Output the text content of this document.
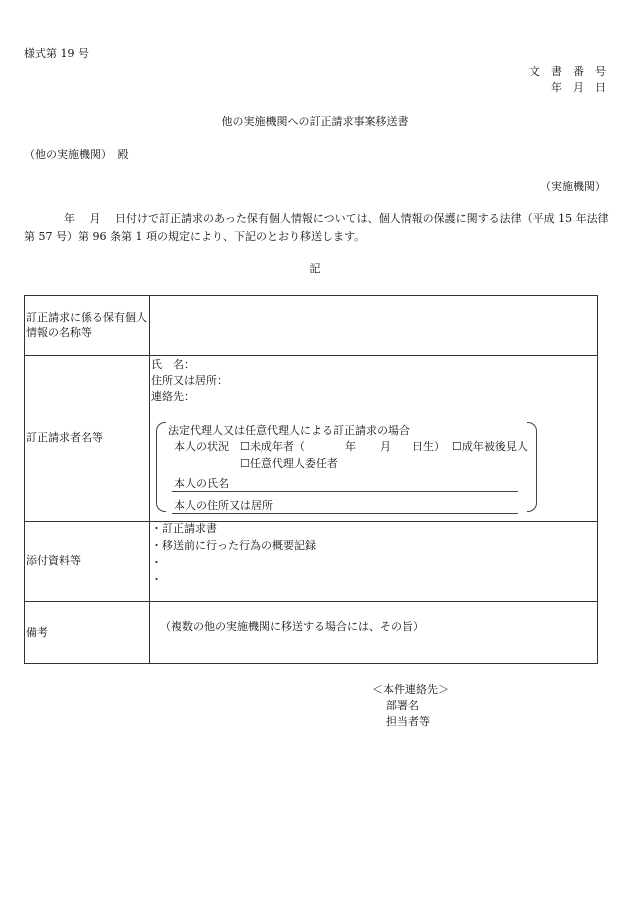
様式第 19 号
文　書　番　号
年　月　日
他の実施機関への訂正請求事案移送書
（他の実施機関）　殿
（実施機関）
年　 月　 日付けで訂正請求のあった保有個人情報については、個人情報の保護に関する法律（平成 15 年法律
第 57 号）第 96 条第 1 項の規定により、下記のとおり移送します。
記
訂正請求に係る保有個人
情報の名称等
訂正請求者名等
氏　名：
住所又は居所：
連絡先：
法定代理人又は任意代理人による訂正請求の場合
本人の状況 ☐未成年者（	年 月 日生） ☐成年被後見人
☐任意代理人委任者
本人の氏名
本人の住所又は居所
添付資料等
・訂正請求書
・移送前に行った行為の概要記録
・
・
備考	（複数の他の実施機関に移送する場合には、その旨）
＜本件連絡先＞
部署名
担当者等
